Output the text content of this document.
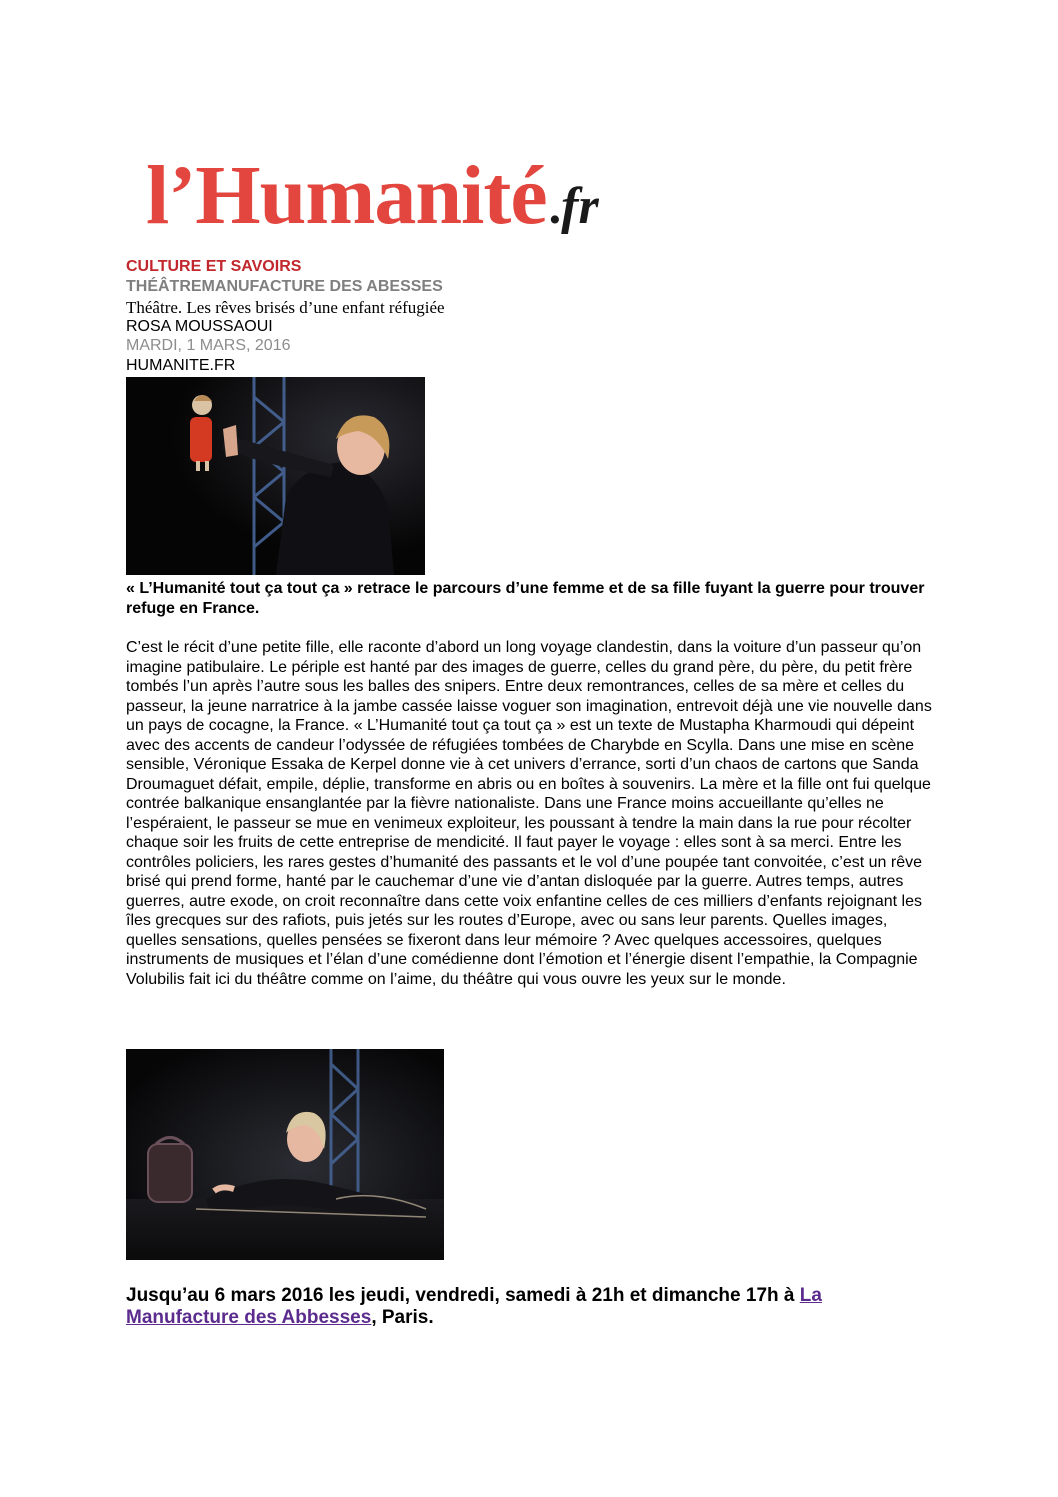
l’Humanité . fr
CULTURE ET SAVOIRS
THÉÂTREMANUFACTURE DES ABESSES
Théâtre. Les rêves brisés d’une enfant réfugiée
ROSA MOUSSAOUI
MARDI, 1 MARS, 2016
HUMANITE.FR
« L’Humanité tout ça tout ça » retrace le parcours d’une femme et de sa fille fuyant la guerre pour trouver refuge en France.
C’est le récit d’une petite fille, elle raconte d’abord un long voyage clandestin, dans la voiture d’un passeur qu’on imagine patibulaire. Le périple est hanté par des images de guerre, celles du grand père, du père, du petit frère tombés l’un après l’autre sous les balles des snipers. Entre deux remontrances, celles de sa mère et celles du passeur, la jeune narratrice à la jambe cassée laisse voguer son imagination, entrevoit déjà une vie nouvelle dans un pays de cocagne, la France. « L’Humanité tout ça tout ça » est un texte de Mustapha Kharmoudi qui dépeint avec des accents de candeur l’odyssée de réfugiées tombées de Charybde en Scylla. Dans une mise en scène sensible, Véronique Essaka de Kerpel donne vie à cet univers d’errance, sorti d’un chaos de cartons que Sanda Droumaguet défait, empile, déplie, transforme en abris ou en boîtes à souvenirs. La mère et la fille ont fui quelque contrée balkanique ensanglantée par la fièvre nationaliste. Dans une France moins accueillante qu’elles ne l’espéraient, le passeur se mue en venimeux exploiteur, les poussant à tendre la main dans la rue pour récolter chaque soir les fruits de cette entreprise de mendicité. Il faut payer le voyage : elles sont à sa merci. Entre les contrôles policiers, les rares gestes d’humanité des passants et le vol d’une poupée tant convoitée, c’est un rêve brisé qui prend forme, hanté par le cauchemar d’une vie d’antan disloquée par la guerre. Autres temps, autres guerres, autre exode, on croit reconnaître dans cette voix enfantine celles de ces milliers d’enfants rejoignant les îles grecques sur des rafiots, puis jetés sur les routes d’Europe, avec ou sans leur parents. Quelles images, quelles sensations, quelles pensées se fixeront dans leur mémoire ? Avec quelques accessoires, quelques instruments de musiques et l’élan d’une comédienne dont l’émotion et l’énergie disent l’empathie, la Compagnie Volubilis fait ici du théâtre comme on l’aime, du théâtre qui vous ouvre les yeux sur le monde.
Jusqu’au 6 mars 2016 les jeudi, vendredi, samedi à 21h et dimanche 17h à La Manufacture des Abbesses, Paris.
